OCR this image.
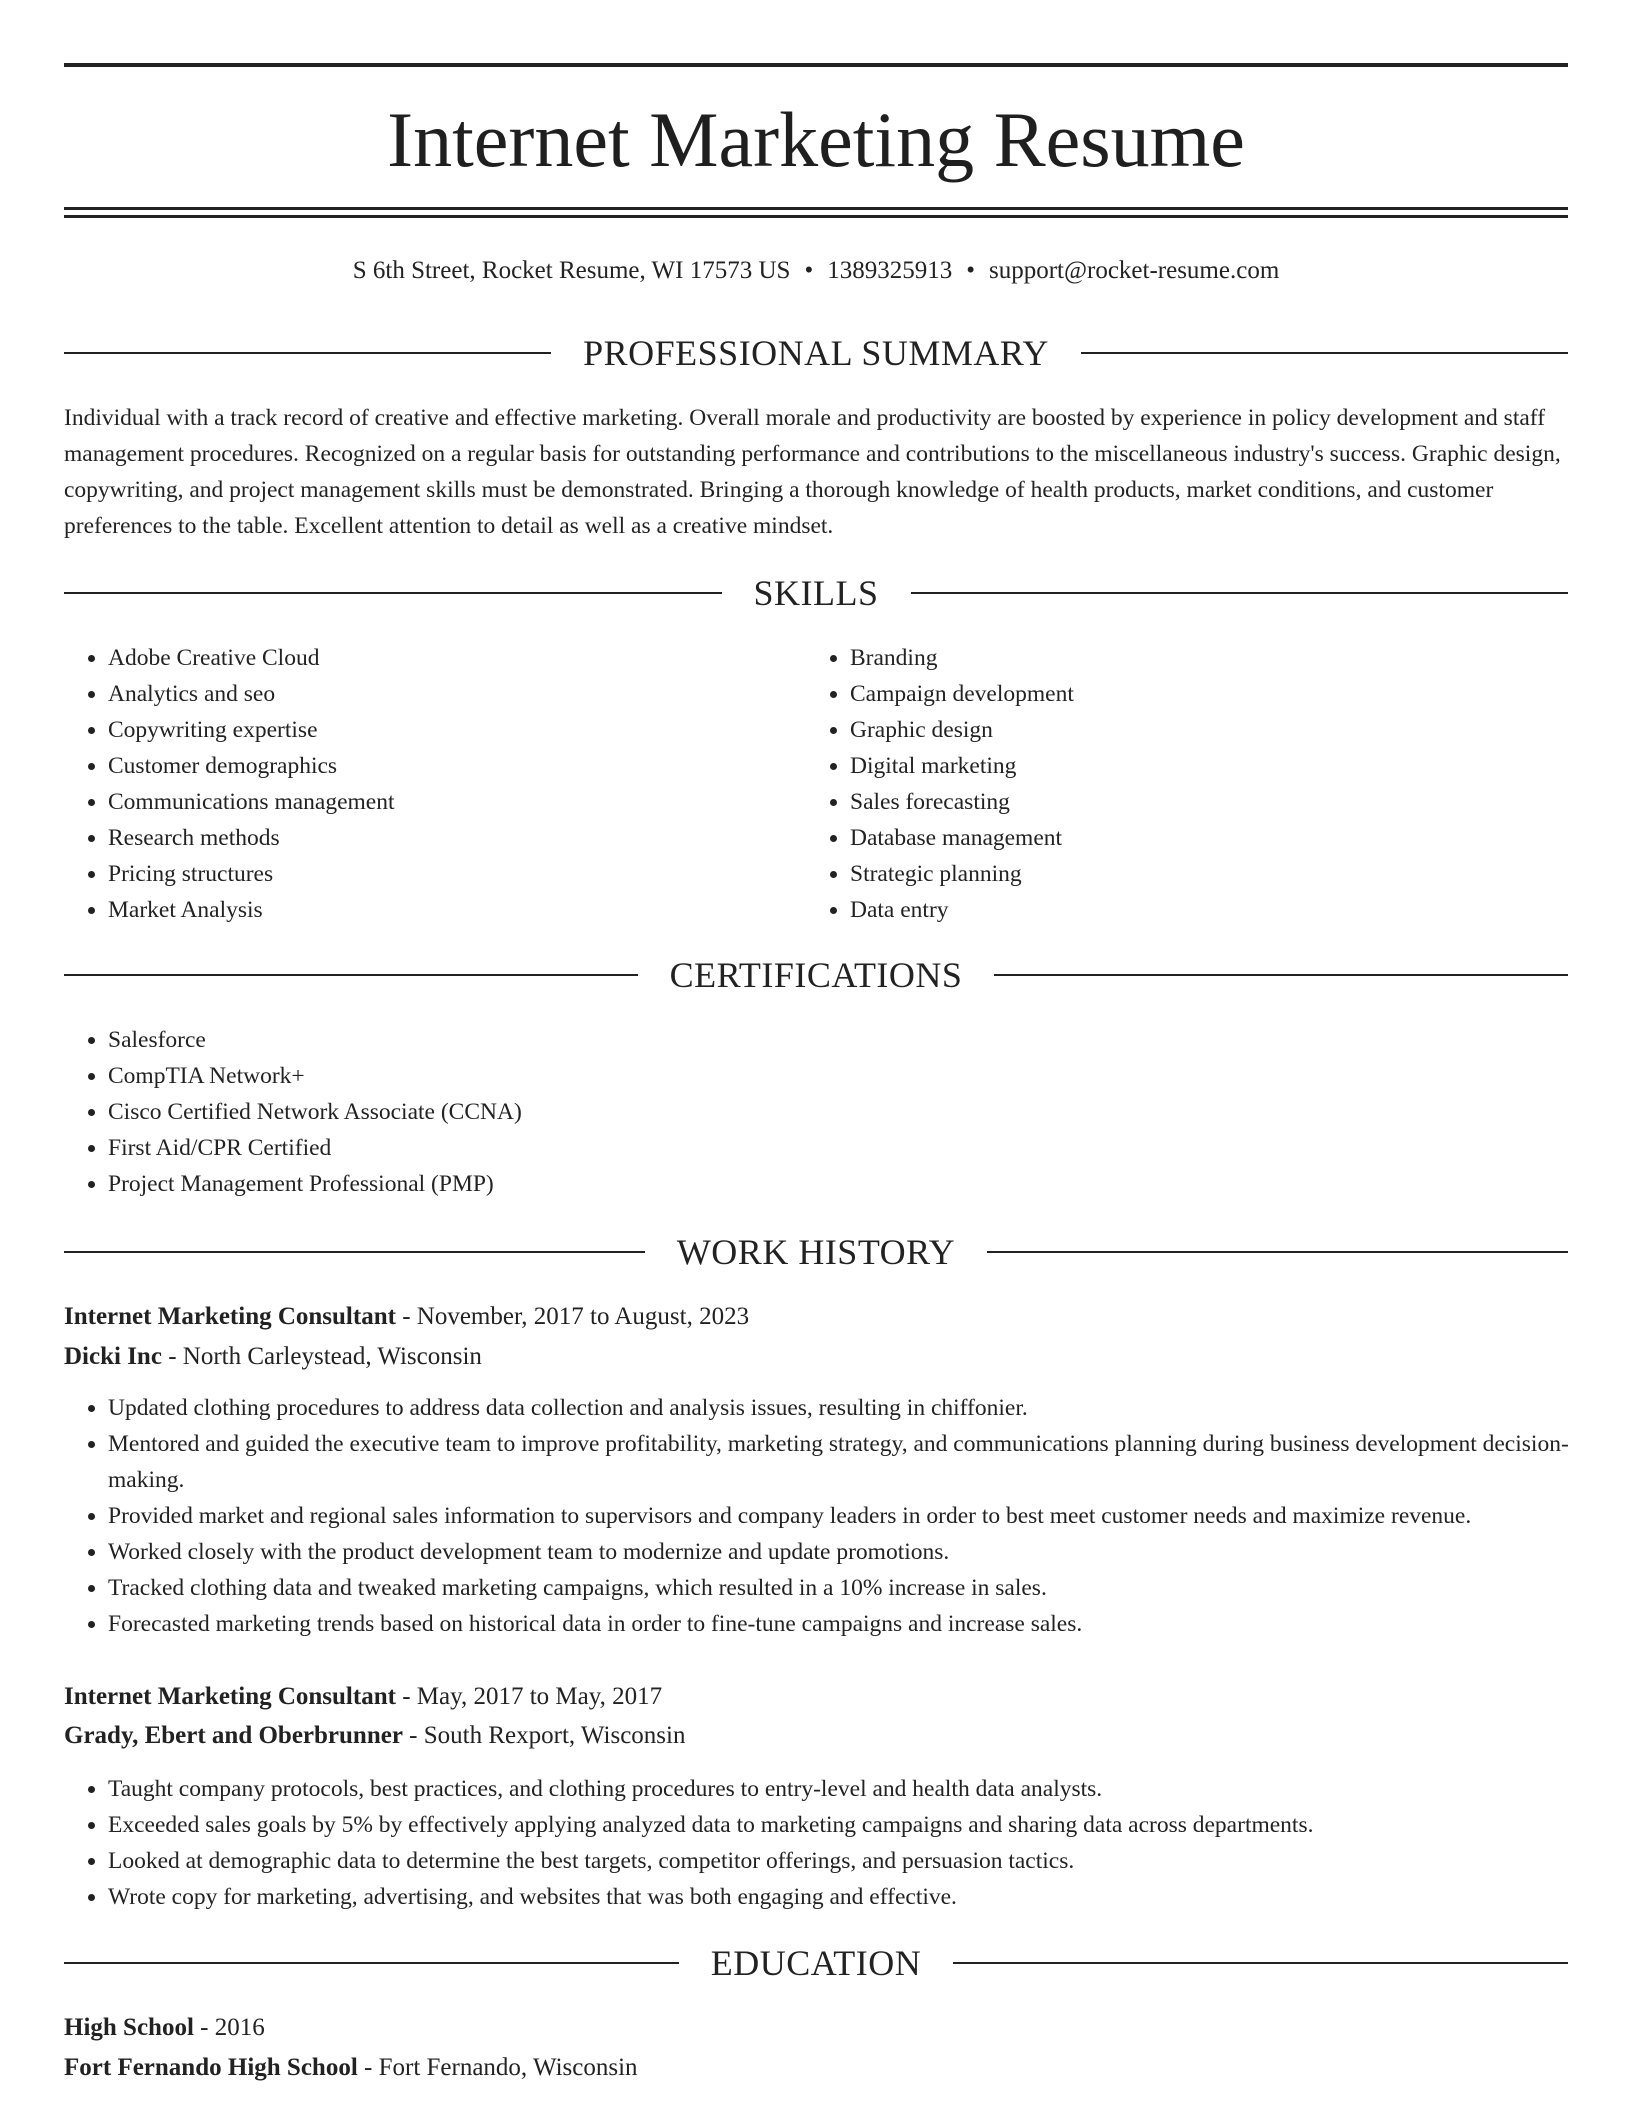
Internet Marketing Resume
S 6th Street, Rocket Resume, WI 17573 US • 1389325913 • support@rocket-resume.com
PROFESSIONAL SUMMARY

Individual with a track record of creative and effective marketing. Overall morale and productivity are boosted by experience in policy development and staff management procedures. Recognized on a regular basis for outstanding performance and contributions to the miscellaneous industry's success. Graphic design, copywriting, and project management skills must be demonstrated. Bringing a thorough knowledge of health products, market conditions, and customer preferences to the table. Excellent attention to detail as well as a creative mindset.

SKILLS
• Adobe Creative Cloud
• Analytics and seo
• Copywriting expertise
• Customer demographics
• Communications management
• Research methods
• Pricing structures
• Market Analysis
• Branding
• Campaign development
• Graphic design
• Digital marketing
• Sales forecasting
• Database management
• Strategic planning
• Data entry
CERTIFICATIONS
• Salesforce
• CompTIA Network+
• Cisco Certified Network Associate (CCNA)
• First Aid/CPR Certified
• Project Management Professional (PMP)
WORK HISTORY
Internet Marketing Consultant - November, 2017 to August, 2023
Dicki Inc - North Carleystead, Wisconsin
• Updated clothing procedures to address data collection and analysis issues, resulting in chiffonier.
• Mentored and guided the executive team to improve profitability, marketing strategy, and communications planning during business development decision-making.
• Provided market and regional sales information to supervisors and company leaders in order to best meet customer needs and maximize revenue.
• Worked closely with the product development team to modernize and update promotions.
• Tracked clothing data and tweaked marketing campaigns, which resulted in a 10% increase in sales.
• Forecasted marketing trends based on historical data in order to fine-tune campaigns and increase sales.
Internet Marketing Consultant - May, 2017 to May, 2017
Grady, Ebert and Oberbrunner - South Rexport, Wisconsin
• Taught company protocols, best practices, and clothing procedures to entry-level and health data analysts.
• Exceeded sales goals by 5% by effectively applying analyzed data to marketing campaigns and sharing data across departments.
• Looked at demographic data to determine the best targets, competitor offerings, and persuasion tactics.
• Wrote copy for marketing, advertising, and websites that was both engaging and effective.
EDUCATION
High School - 2016
Fort Fernando High School - Fort Fernando, Wisconsin
